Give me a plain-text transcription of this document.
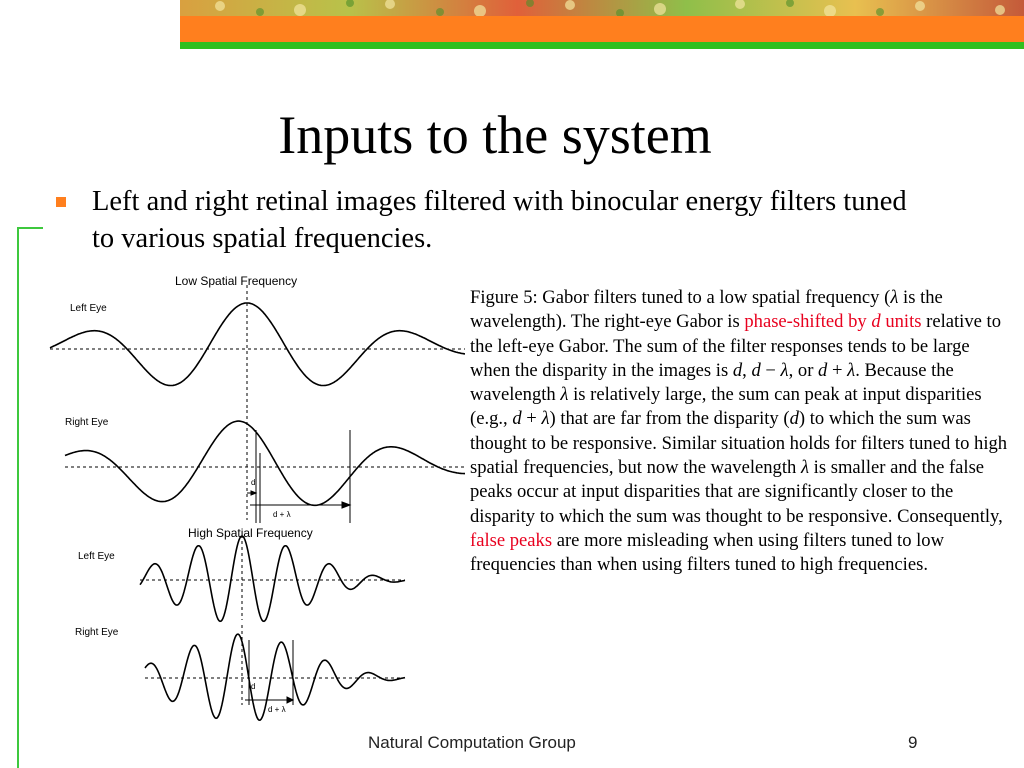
Inputs to the system
Left and right retinal images filtered with binocular energy filters tuned to various spatial frequencies.
Low Spatial Frequency
Left Eye
Right Eye
d
d + λ
High Spatial Frequency
Left Eye
Right Eye
d
d + λ
Figure 5: Gabor filters tuned to a low spatial frequency (λ is the wavelength). The right-eye Gabor is phase-shifted by d units relative to the left-eye Gabor. The sum of the filter responses tends to be large when the disparity in the images is d, d − λ, or d + λ. Because the wavelength λ is relatively large, the sum can peak at input disparities (e.g., d + λ) that are far from the disparity (d) to which the sum was thought to be responsive. Similar situation holds for filters tuned to high spatial frequencies, but now the wavelength λ is smaller and the false peaks occur at input disparities that are significantly closer to the disparity to which the sum was thought to be responsive. Consequently, false peaks are more misleading when using filters tuned to low frequencies than when using filters tuned to high frequencies.
Natural Computation Group	9
